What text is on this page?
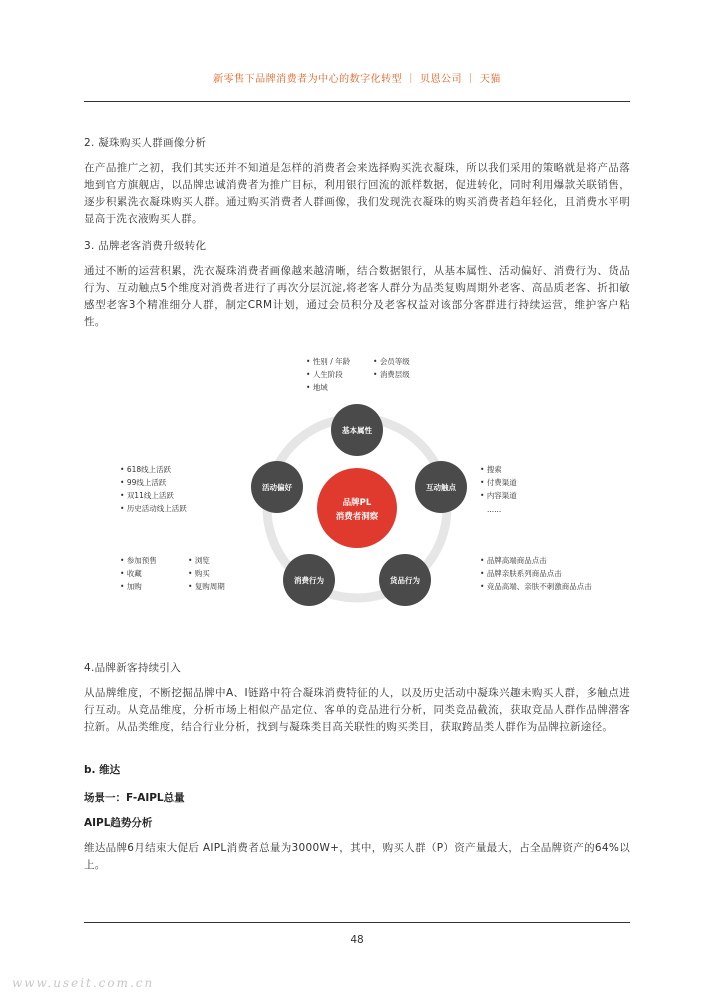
新零售下品牌消费者为中心的数字化转型 ｜ 贝恩公司 ｜ 天猫
2. 凝珠购买人群画像分析
在产品推广之初，我们其实还并不知道是怎样的消费者会来选择购买洗衣凝珠，所以我们采用的策略就是将产品落地到官方旗舰店，以品牌忠诚消费者为推广目标，利用银行回流的派样数据，促进转化，同时利用爆款关联销售，逐步积累洗衣凝珠购买人群。通过购买消费者人群画像，我们发现洗衣凝珠的购买消费者趋年轻化，且消费水平明显高于洗衣液购买人群。
3. 品牌老客消费升级转化
通过不断的运营积累，洗衣凝珠消费者画像越来越清晰，结合数据银行，从基本属性、活动偏好、消费行为、货品行为、互动触点5个维度对消费者进行了再次分层沉淀,将老客人群分为品类复购周期外老客、高品质老客、折扣敏感型老客3个精准细分人群，制定CRM计划，通过会员积分及老客权益对该部分客群进行持续运营，维护客户粘性。
品牌PL
消费者洞察
基本属性
互动触点
货品行为
消费行为
活动偏好
• 性别 / 年龄
• 人生阶段
• 地域
• 会员等级
• 消费层级
• 搜索
• 付费渠道
• 内容渠道
......
• 品牌高端商品点击
• 品牌亲肤系列商品点击
• 竞品高端、亲肤不刺激商品点击
• 参加预售
• 收藏
• 加购
• 浏览
• 购买
• 复购周期
• 618线上活跃
• 99线上活跃
• 双11线上活跃
• 历史活动线上活跃
4.品牌新客持续引入
从品牌维度，不断挖掘品牌中A、I链路中符合凝珠消费特征的人，以及历史活动中凝珠兴趣未购买人群，多触点进行互动。从竞品维度，分析市场上相似产品定位、客单的竞品进行分析，同类竞品截流，获取竞品人群作品牌潜客拉新。从品类维度，结合行业分析，找到与凝珠类目高关联性的购买类目，获取跨品类人群作为品牌拉新途径。
b. 维达
场景一：F-AIPL总量
AIPL趋势分析
维达品牌6月结束大促后 AIPL消费者总量为3000W+，其中，购买人群（P）资产量最大，占全品牌资产的64%以上。
48
www.useit.com.cn
